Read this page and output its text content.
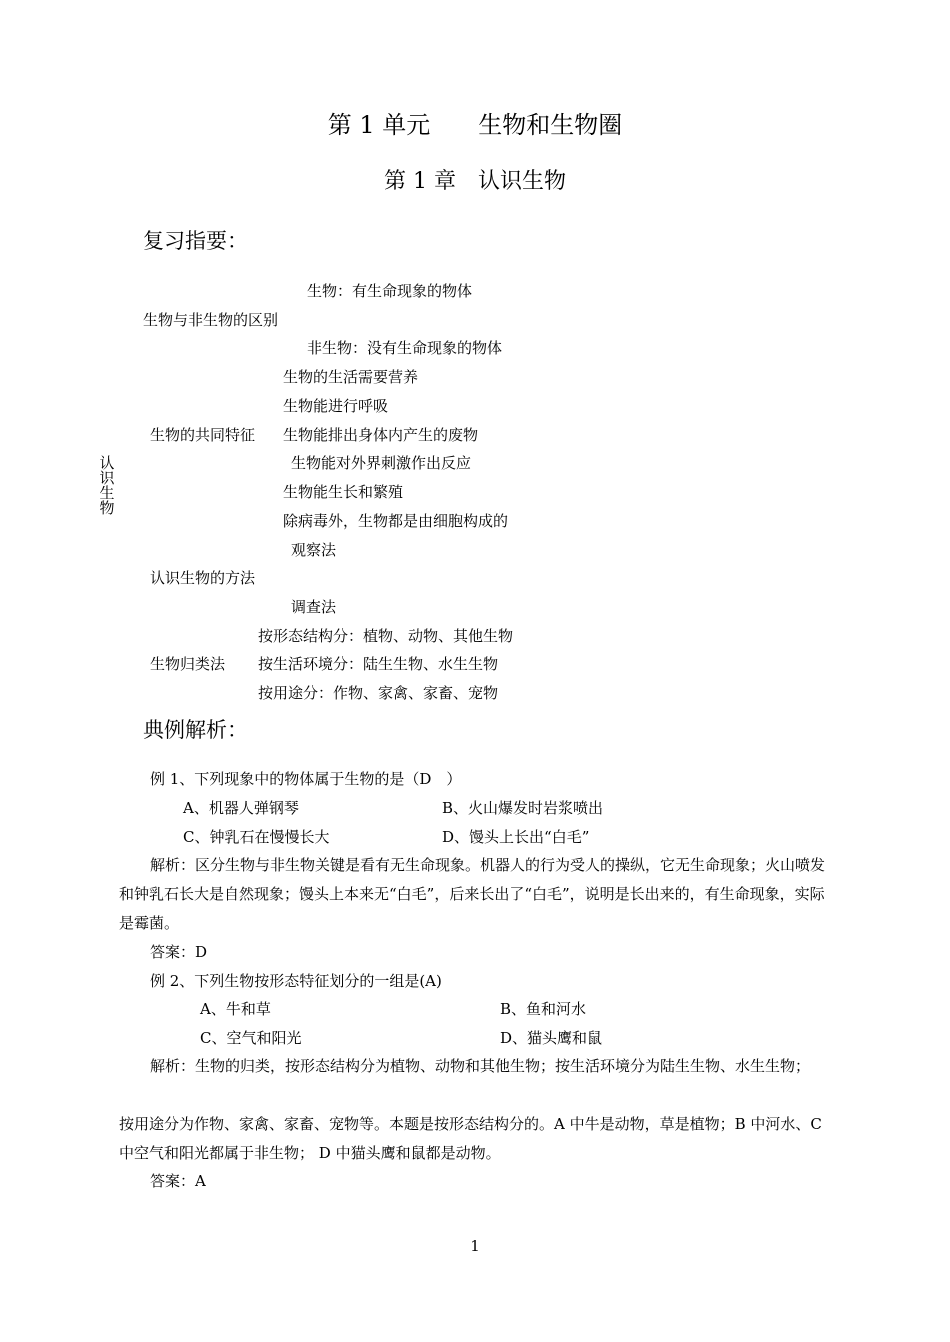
第 1 单元　　生物和生物圈
第 1 章　认识生物
复习指要：
认识生物
生物：有生命现象的物体
生物与非生物的区别
非生物：没有生命现象的物体
生物的生活需要营养
生物能进行呼吸
生物的共同特征 生物能排出身体内产生的废物
生物能对外界刺激作出反应
生物能生长和繁殖
除病毒外，生物都是由细胞构成的
观察法
认识生物的方法
调查法
按形态结构分：植物、动物、其他生物
生物归类法 按生活环境分：陆生生物、水生生物
按用途分：作物、家禽、家畜、宠物
典例解析：
例 1、下列现象中的物体属于生物的是（D　）
A、机器人弹钢琴	B、火山爆发时岩浆喷出
C、钟乳石在慢慢长大	D、馒头上长出“白毛”
解析：区分生物与非生物关键是看有无生命现象。机器人的行为受人的操纵，它无生命现象；火山喷发和钟乳石长大是自然现象；馒头上本来无“白毛”，后来长出了“白毛”，说明是长出来的，有生命现象，实际是霉菌。
答案：D
例 2、下列生物按形态特征划分的一组是(A)
A、牛和草	B、鱼和河水
C、空气和阳光	D、猫头鹰和鼠
解析：生物的归类，按形态结构分为植物、动物和其他生物；按生活环境分为陆生生物、水生生物；
按用途分为作物、家禽、家畜、宠物等。本题是按形态结构分的。A 中牛是动物，草是植物；B 中河水、C 中空气和阳光都属于非生物； D 中猫头鹰和鼠都是动物。
答案：A
1
